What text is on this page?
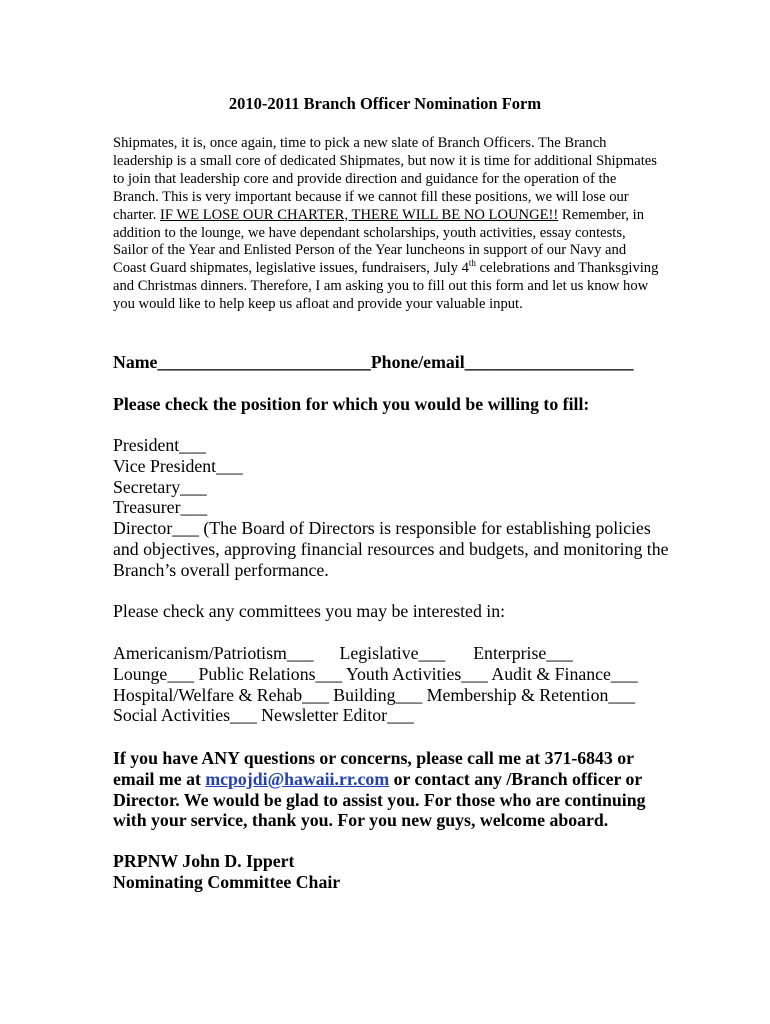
2010-2011 Branch Officer Nomination Form
Shipmates, it is, once again, time to pick a new slate of Branch Officers. The Branch leadership is a small core of dedicated Shipmates, but now it is time for additional Shipmates to join that leadership core and provide direction and guidance for the operation of the Branch. This is very important because if we cannot fill these positions, we will lose our charter. IF WE LOSE OUR CHARTER, THERE WILL BE NO LOUNGE!! Remember, in addition to the lounge, we have dependant scholarships, youth activities, essay contests, Sailor of the Year and Enlisted Person of the Year luncheons in support of our Navy and Coast Guard shipmates, legislative issues, fundraisers, July 4th celebrations and Thanksgiving and Christmas dinners. Therefore, I am asking you to fill out this form and let us know how you would like to help keep us afloat and provide your valuable input.
Name________________________Phone/email___________________
Please check the position for which you would be willing to fill:
President___
Vice President___
Secretary___
Treasurer___
Director___ (The Board of Directors is responsible for establishing policies and objectives, approving financial resources and budgets, and monitoring the Branch’s overall performance.
Please check any committees you may be interested in:
Americanism/Patriotism___ Legislative___ Enterprise___
Lounge___ Public Relations___ Youth Activities___ Audit & Finance___
Hospital/Welfare & Rehab___ Building___ Membership & Retention___
Social Activities___ Newsletter Editor___
If you have ANY questions or concerns, please call me at 371-6843 or email me at mcpojdi@hawaii.rr.com or contact any /Branch officer or Director. We would be glad to assist you. For those who are continuing with your service, thank you. For you new guys, welcome aboard.
PRPNW John D. Ippert
Nominating Committee Chair
